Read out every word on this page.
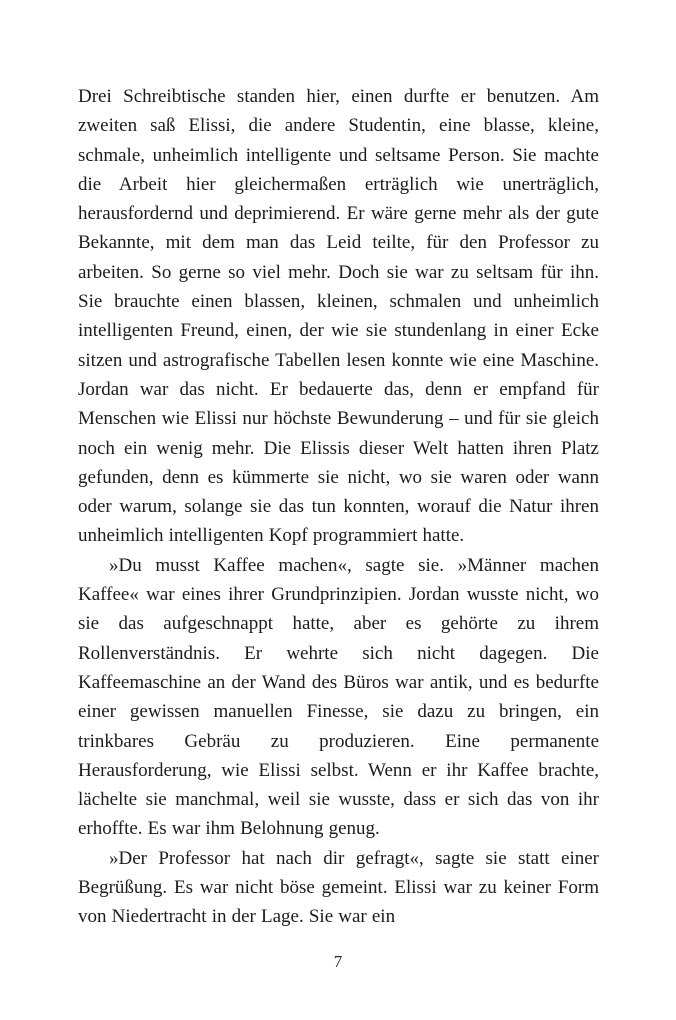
Drei Schreibtische standen hier, einen durfte er benutzen. Am zweiten saß Elissi, die andere Studentin, eine blasse, kleine, schmale, unheimlich intelligente und seltsame Person. Sie machte die Arbeit hier gleichermaßen erträglich wie unerträglich, herausfordernd und deprimierend. Er wäre gerne mehr als der gute Bekannte, mit dem man das Leid teilte, für den Professor zu arbeiten. So gerne so viel mehr. Doch sie war zu seltsam für ihn. Sie brauchte einen blassen, kleinen, schmalen und unheimlich intelligenten Freund, einen, der wie sie stundenlang in einer Ecke sitzen und astrografische Tabellen lesen konnte wie eine Maschine. Jordan war das nicht. Er bedauerte das, denn er empfand für Menschen wie Elissi nur höchste Bewunderung – und für sie gleich noch ein wenig mehr. Die Elissis dieser Welt hatten ihren Platz gefunden, denn es kümmerte sie nicht, wo sie waren oder wann oder warum, solange sie das tun konnten, worauf die Natur ihren unheimlich intelligenten Kopf programmiert hatte.

»Du musst Kaffee machen«, sagte sie. »Männer machen Kaffee« war eines ihrer Grundprinzipien. Jordan wusste nicht, wo sie das aufgeschnappt hatte, aber es gehörte zu ihrem Rollenverständnis. Er wehrte sich nicht dagegen. Die Kaffeemaschine an der Wand des Büros war antik, und es bedurfte einer gewissen manuellen Finesse, sie dazu zu bringen, ein trinkbares Gebräu zu produzieren. Eine permanente Herausforderung, wie Elissi selbst. Wenn er ihr Kaffee brachte, lächelte sie manchmal, weil sie wusste, dass er sich das von ihr erhoffte. Es war ihm Belohnung genug.

»Der Professor hat nach dir gefragt«, sagte sie statt einer Begrüßung. Es war nicht böse gemeint. Elissi war zu keiner Form von Niedertracht in der Lage. Sie war ein

7
